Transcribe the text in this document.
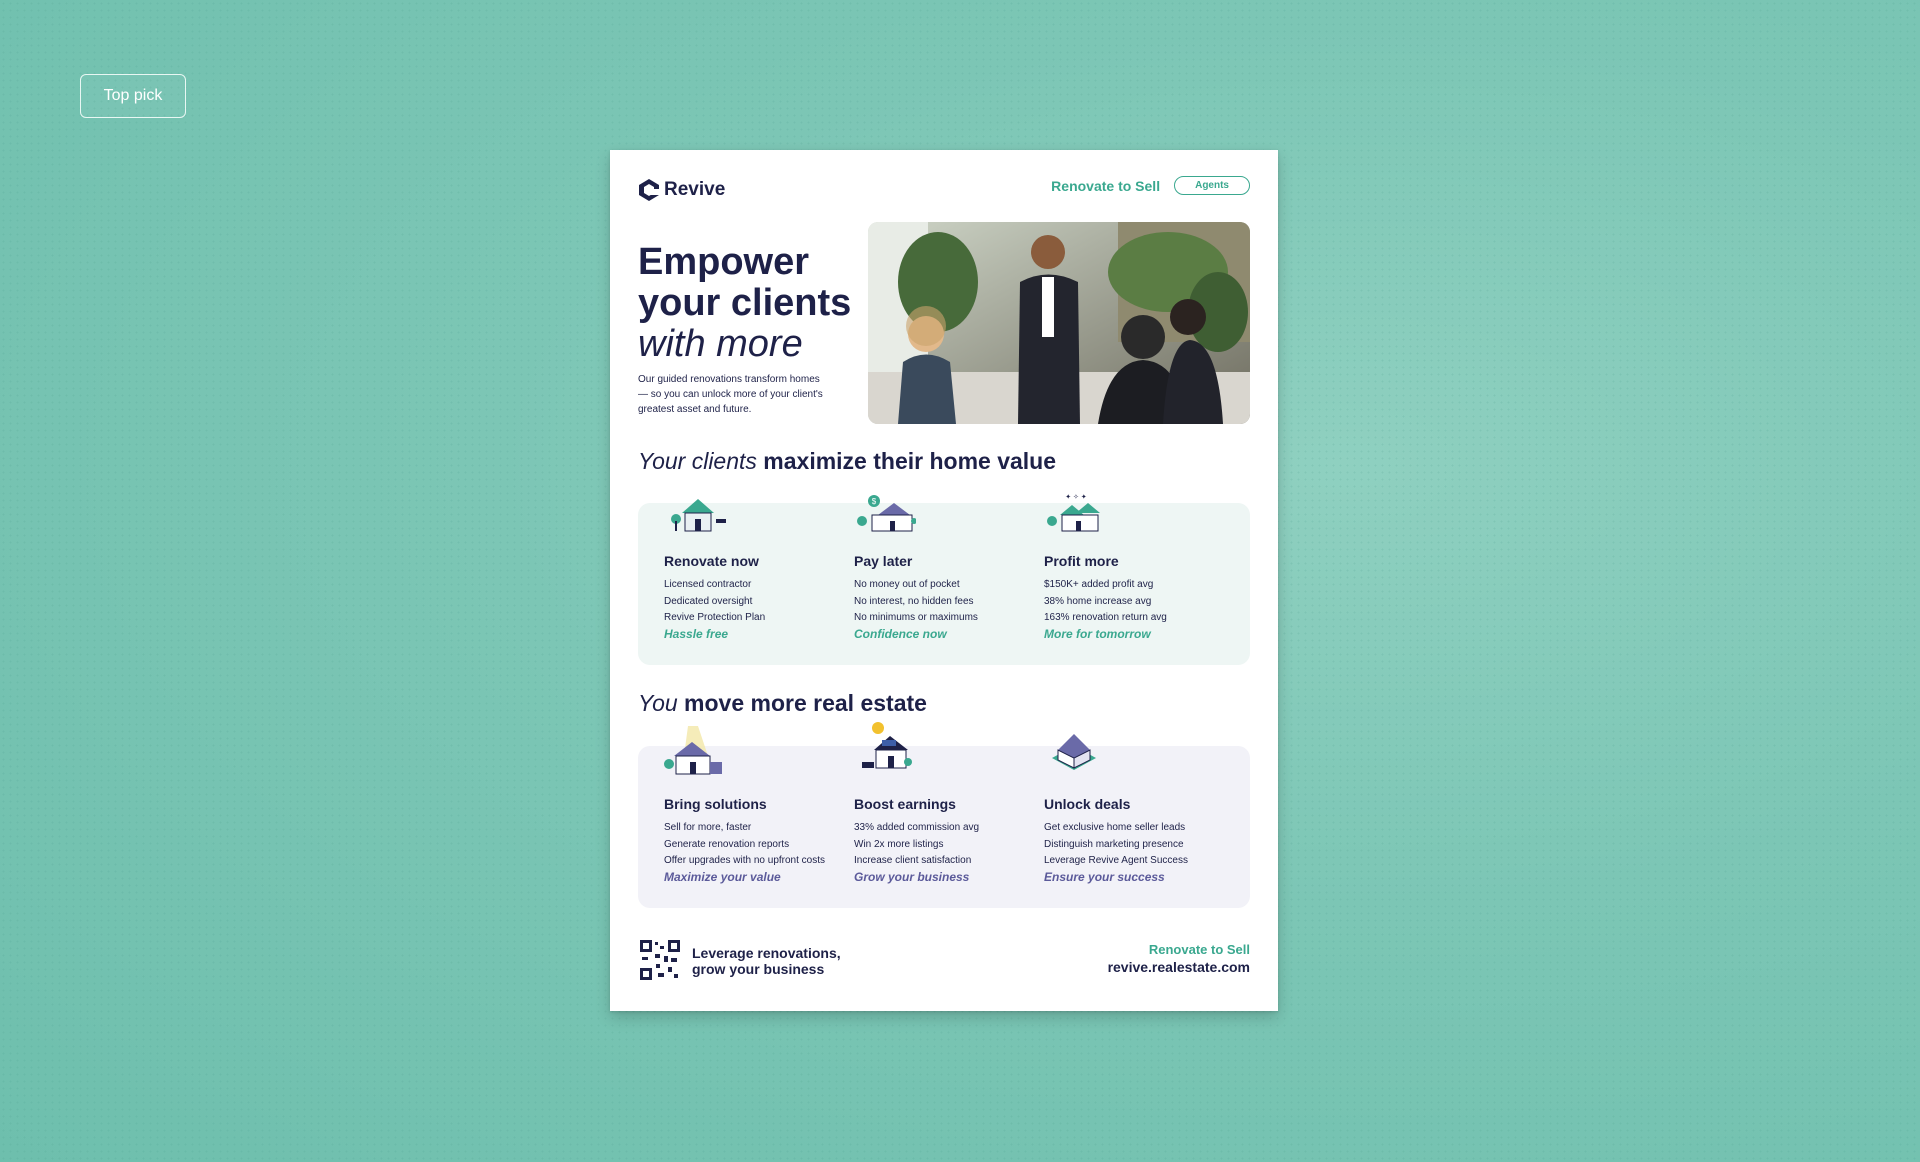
Top pick
Revive	Renovate to Sell	Agents
Empower
your clients
with more
Our guided renovations transform homes — so you can unlock more of your client's greatest asset and future.
Your clients maximize their home value
Renovate now
Licensed contractor
Dedicated oversight
Revive Protection Plan
Hassle free
$
Pay later
No money out of pocket
No interest, no hidden fees
No minimums or maximums
Confidence now
✦ ✧ ✦
Profit more
$150K+ added profit avg
38% home increase avg
163% renovation return avg
More for tomorrow
You move more real estate
Bring solutions
Sell for more, faster
Generate renovation reports
Offer upgrades with no upfront costs
Maximize your value
Boost earnings
33% added commission avg
Win 2x more listings
Increase client satisfaction
Grow your business
Unlock deals
Get exclusive home seller leads
Distinguish marketing presence
Leverage Revive Agent Success
Ensure your success
Leverage renovations,
grow your business
Renovate to Sell
revive.realestate.com
